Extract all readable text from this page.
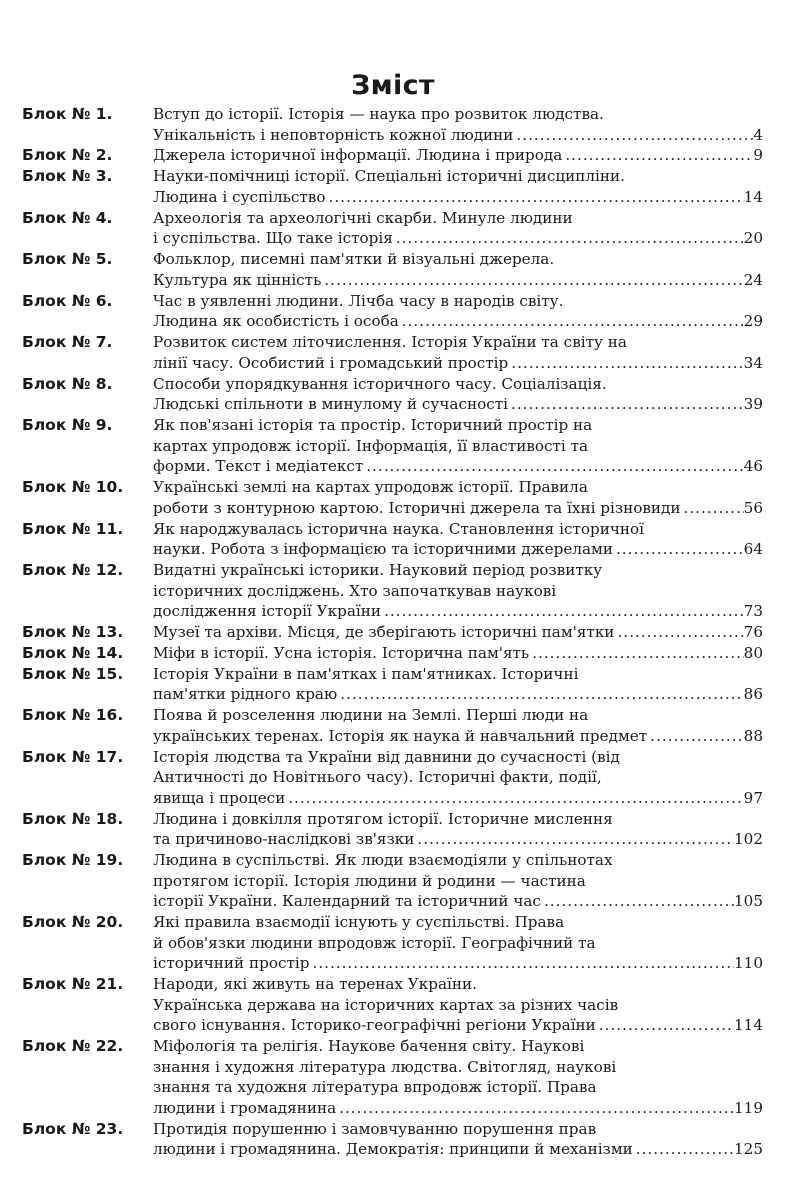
Зміст
Блок № 1.	Вступ до історії. Історія — наука про розвиток людства.
Унікальність і неповторність кожної людини .....	4
Блок № 2.	Джерела історичної інформації. Людина і природа .....	9
Блок № 3.	Науки-помічниці історії. Спеціальні історичні дисципліни.
Людина і суспільство .....	14
Блок № 4.	Археологія та археологічні скарби. Минуле людини
і суспільства. Що таке історія .....	20
Блок № 5.	Фольклор, писемні пам'ятки й візуальні джерела.
Культура як цінність .....	24
Блок № 6.	Час в уявленні людини. Лічба часу в народів світу.
Людина як особистість і особа .....	29
Блок № 7.	Розвиток систем літочислення. Історія України та світу на
лінії часу. Особистий і громадський простір .....	34
Блок № 8.	Способи упорядкування історичного часу. Соціалізація.
Людські спільноти в минулому й сучасності .....	39
Блок № 9.	Як пов'язані історія та простір. Історичний простір на
картах упродовж історії. Інформація, її властивості та
форми. Текст і медіатекст .....	46
Блок № 10. Українські землі на картах упродовж історії. Правила
роботи з контурною картою. Історичні джерела та їхні різновиди .....	56
Блок № 11. Як народжувалась історична наука. Становлення історичної
науки. Робота з інформацією та історичними джерелами .....	64
Блок № 12. Видатні українські історики. Науковий період розвитку
історичних досліджень. Хто започаткував наукові
дослідження історії України .....	73
Блок № 13. Музеї та архіви. Місця, де зберігають історичні пам'ятки .....	76
Блок № 14. Міфи в історії. Усна історія. Історична пам'ять .....	80
Блок № 15. Історія України в пам'ятках і пам'ятниках. Історичні
пам'ятки рідного краю .....	86
Блок № 16. Поява й розселення людини на Землі. Перші люди на
українських теренах. Історія як наука й навчальний предмет .....	88
Блок № 17. Історія людства та України від давнини до сучасності (від
Античності до Новітнього часу). Історичні факти, події,
явища і процеси .....	97
Блок № 18. Людина і довкілля протягом історії. Історичне мислення
та причиново-наслідкові зв'язки .....	102
Блок № 19. Людина в суспільстві. Як люди взаємодіяли у спільнотах
протягом історії. Історія людини й родини — частина
історії України. Календарний та історичний час .....	105
Блок № 20. Які правила взаємодії існують у суспільстві. Права
й обов'язки людини впродовж історії. Географічний та
історичний простір .....	110
Блок № 21. Народи, які живуть на теренах України.
Українська держава на історичних картах за різних часів
свого існування. Історико-географічні регіони України .....	114
Блок № 22. Міфологія та релігія. Наукове бачення світу. Наукові
знання і художня література людства. Світогляд, наукові
знання та художня література впродовж історії. Права
людини і громадянина .....	119
Блок № 23. Протидія порушенню і замовчуванню порушення прав
людини і громадянина. Демократія: принципи й механізми .....	125
